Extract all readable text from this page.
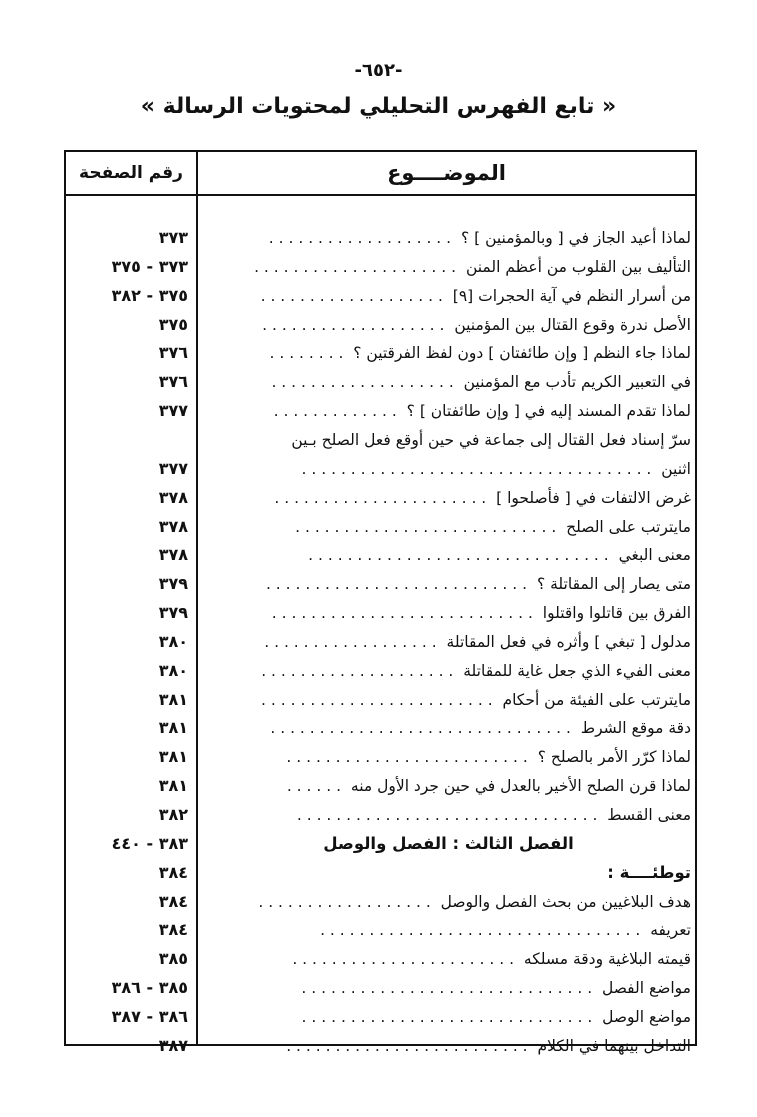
-٦٥٢-
« تابع الفهرس التحليلي لمحتويات الرسالة »
الموضــــوع
رقم الصفحة
لماذا أعيد الجاز في [ وبالمؤمنين ] ؟  . . . . . . . . . . . . . . . . . . .
٣٧٣
التأليف بين القلوب من أعظم المنن  . . . . . . . . . . . . . . . . . . . . .
٣٧٣ - ٣٧٥
من أسرار النظم في آية الحجرات [٩]  . . . . . . . . . . . . . . . . . . .
٣٧٥ - ٣٨٢
الأصل ندرة وقوع القتال بين المؤمنين  . . . . . . . . . . . . . . . . . . .
٣٧٥
لماذا جاء النظم [ وإن طائفتان ] دون لفظ الفرقتين ؟  . . . . . . . .
٣٧٦
في التعبير الكريم تأدب مع المؤمنين  . . . . . . . . . . . . . . . . . . .
٣٧٦
لماذا تقدم المسند إليه في [ وإن طائفتان ] ؟  . . . . . . . . . . . . .
٣٧٧
سرّ إسناد فعل القتال إلى جماعة في حين أوقع فعل الصلح بـين
اثنين  . . . . . . . . . . . . . . . . . . . . . . . . . . . . . . . . . . . .
٣٧٧
غرض الالتفات في [ فأصلحوا ]  . . . . . . . . . . . . . . . . . . . . . .
٣٧٨
مايترتب على الصلح  . . . . . . . . . . . . . . . . . . . . . . . . . . .
٣٧٨
معنى البغي  . . . . . . . . . . . . . . . . . . . . . . . . . . . . . . .
٣٧٨
متى يصار إلى المقاتلة ؟  . . . . . . . . . . . . . . . . . . . . . . . . . . .
٣٧٩
الفرق بين قاتلوا واقتلوا  . . . . . . . . . . . . . . . . . . . . . . . . . . .
٣٧٩
مدلول [ تبغي ] وأثره في فعل المقاتلة  . . . . . . . . . . . . . . . . . .
٣٨٠
معنى الفيء الذي جعل غاية للمقاتلة  . . . . . . . . . . . . . . . . . . . .
٣٨٠
مايترتب على الفيئة من أحكام  . . . . . . . . . . . . . . . . . . . . . . . .
٣٨١
دقة موقع الشرط  . . . . . . . . . . . . . . . . . . . . . . . . . . . . . . .
٣٨١
لماذا كرّر الأمر بالصلح ؟  . . . . . . . . . . . . . . . . . . . . . . . . .
٣٨١
لماذا قرن الصلح الأخير بالعدل في حين جرد الأول منه  . . . . . .
٣٨١
معنى القسط  . . . . . . . . . . . . . . . . . . . . . . . . . . . . . . .
٣٨٢
الفصل الثالث : الفصل والوصل
٣٨٣ - ٤٤٠
توطئــــة :
٣٨٤
هدف البلاغيين من بحث الفصل والوصل  . . . . . . . . . . . . . . . . . .
٣٨٤
تعريفه  . . . . . . . . . . . . . . . . . . . . . . . . . . . . . . . . .
٣٨٤
قيمته البلاغية ودقة مسلكه  . . . . . . . . . . . . . . . . . . . . . . .
٣٨٥
مواضع الفصل  . . . . . . . . . . . . . . . . . . . . . . . . . . . . . .
٣٨٥ - ٣٨٦
مواضع الوصل  . . . . . . . . . . . . . . . . . . . . . . . . . . . . . .
٣٨٦ - ٣٨٧
التداخل بينهما في الكلام  . . . . . . . . . . . . . . . . . . . . . . . . .
٣٨٧
